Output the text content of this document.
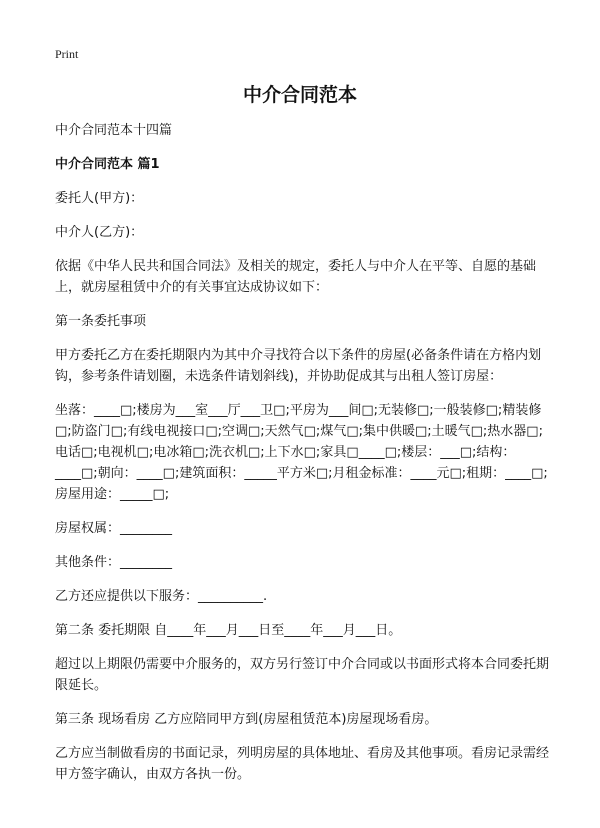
Print
中介合同范本

中介合同范本十四篇

中介合同范本 篇1

委托人(甲方)：

中介人(乙方)：

依据《中华人民共和国合同法》及相关的规定，委托人与中介人在平等、自愿的基础上，就房屋租赁中介的有关事宜达成协议如下：

第一条委托事项

甲方委托乙方在委托期限内为其中介寻找符合以下条件的房屋(必备条件请在方格内划钩，参考条件请划圈，未选条件请划斜线)，并协助促成其与出租人签订房屋：

坐落：____□;楼房为___室___厅___卫□;平房为___间□;无装修□;一般装修□;精装修□;防盗门□;有线电视接口□;空调□;天然气□;煤气□;集中供暖□;土暖气□;热水器□;电话□;电视机□;电冰箱□;洗衣机□;上下水□;家具□____□;楼层：___□;结构：____□;朝向：____□;建筑面积：_____平方米□;月租金标准：____元□;租期：____□;房屋用途：_____□;

房屋权属：________

其他条件：________

乙方还应提供以下服务：__________.

第二条 委托期限 自____年___月___日至____年___月___日。

超过以上期限仍需要中介服务的，双方另行签订中介合同或以书面形式将本合同委托期限延长。

第三条 现场看房 乙方应陪同甲方到(房屋租赁范本)房屋现场看房。

乙方应当制做看房的书面记录，列明房屋的具体地址、看房及其他事项。看房记录需经甲方签字确认，由双方各执一份。
